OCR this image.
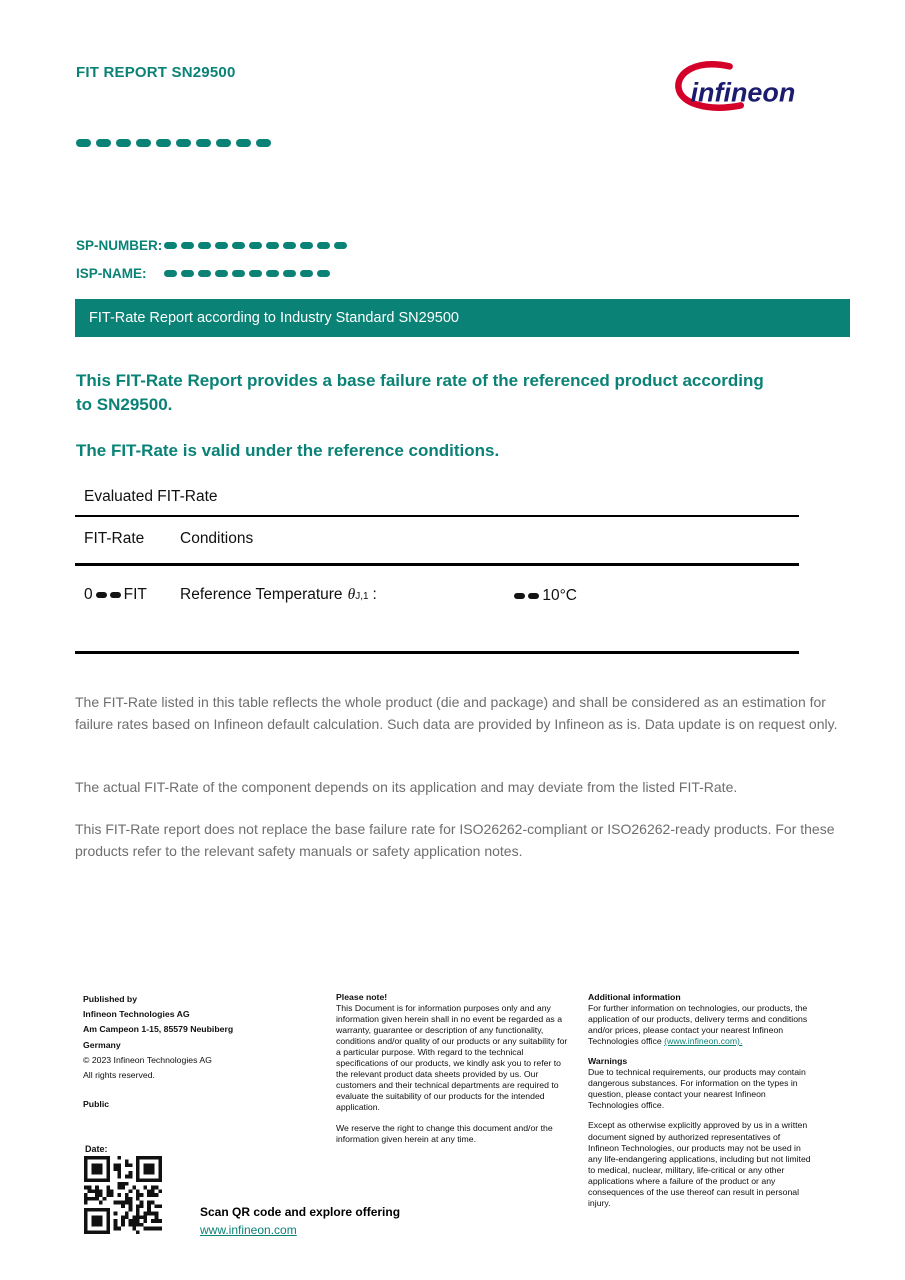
FIT REPORT SN29500
infineon
SP-NUMBER:
ISP-NAME:
FIT-Rate Report according to Industry Standard SN29500
This FIT-Rate Report provides a base failure rate of the referenced product according to SN29500.
The FIT-Rate is valid under the reference conditions.
Evaluated FIT-Rate
FIT-Rate	Conditions
0 FIT Reference Temperature θ J,1 :	10°C
The FIT-Rate listed in this table reflects the whole product (die and package) and shall be considered as an estimation for failure rates based on Infineon default calculation. Such data are provided by Infineon as is. Data update is on request only.
The actual FIT-Rate of the component depends on its application and may deviate from the listed FIT-Rate.
This FIT-Rate report does not replace the base failure rate for ISO26262-compliant or ISO26262-ready products. For these products refer to the relevant safety manuals or safety application notes.
Published by
Infineon Technologies AG
Am Campeon 1-15, 85579 Neubiberg
Germany
© 2023 Infineon Technologies AG
All rights reserved.
Public

Please note!
This Document is for information purposes only and any information given herein shall in no event be regarded as a warranty, guarantee or description of any functionality, conditions and/or quality of our products or any suitability for a particular purpose. With regard to the technical specifications of our products, we kindly ask you to refer to the relevant product data sheets provided by us. Our customers and their technical departments are required to evaluate the suitability of our products for the intended application.

We reserve the right to change this document and/or the information given herein at any time.

Additional information
For further information on technologies, our products, the application of our products, delivery terms and conditions and/or prices, please contact your nearest Infineon Technologies office (www.infineon.com).

Warnings
Due to technical requirements, our products may contain dangerous substances. For information on the types in question, please contact your nearest Infineon Technologies office.

Except as otherwise explicitly approved by us in a written document signed by authorized representatives of Infineon Technologies, our products may not be used in any life-endangering applications, including but not limited to medical, nuclear, military, life-critical or any other applications where a failure of the product or any consequences of the use thereof can result in personal injury.

Date:
Scan QR code and explore offering
www.infineon.com
